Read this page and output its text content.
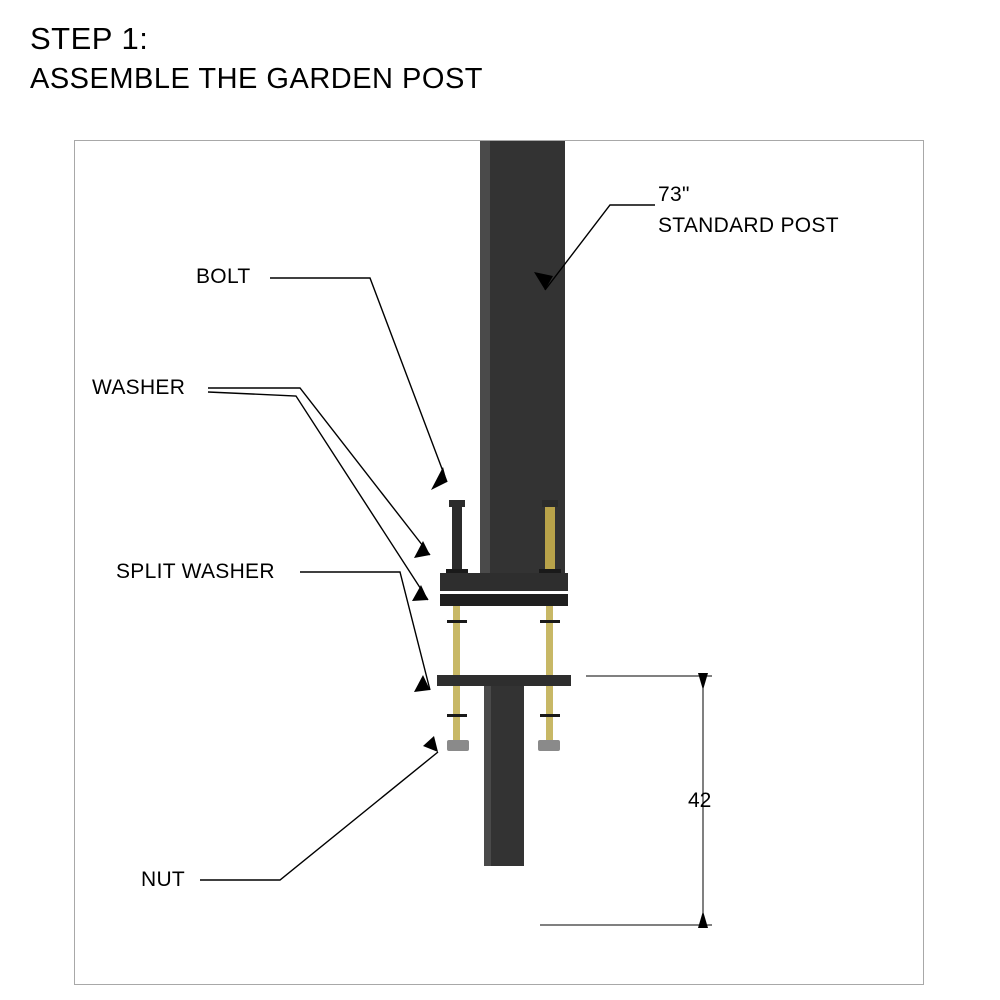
STEP 1:
ASSEMBLE THE GARDEN POST
73"
STANDARD POST
BOLT
WASHER
SPLIT WASHER
NUT
42
